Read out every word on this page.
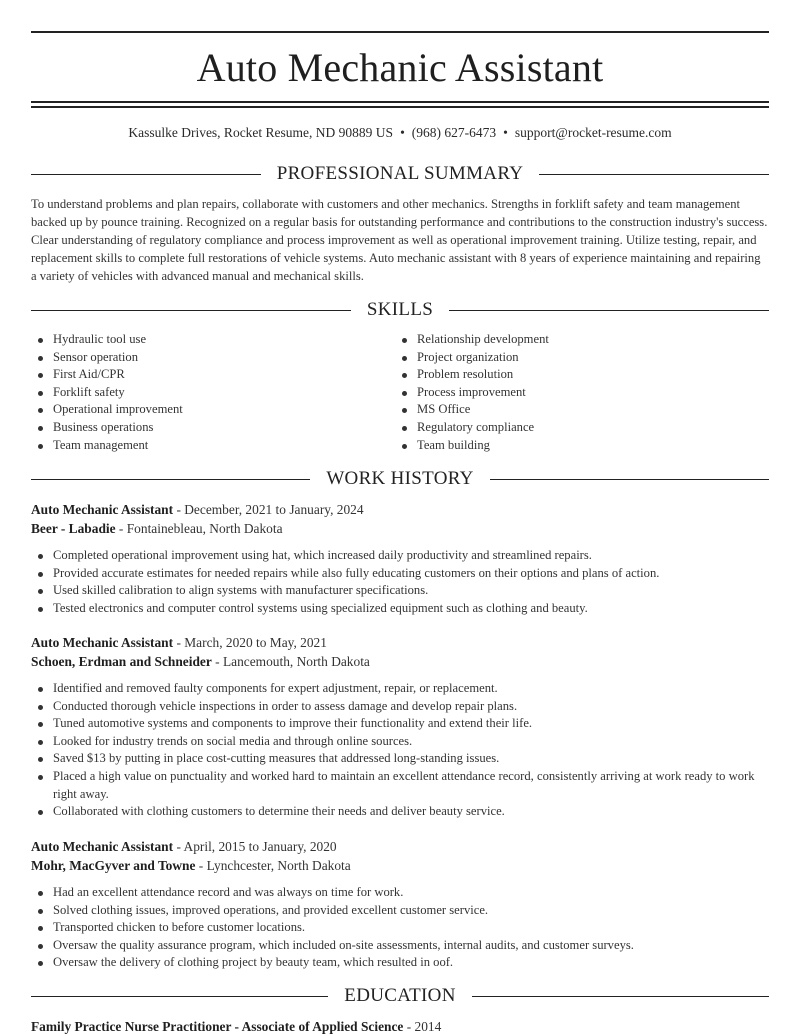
Auto Mechanic Assistant
Kassulke Drives, Rocket Resume, ND 90889 US • (968) 627-6473 • support@rocket-resume.com
PROFESSIONAL SUMMARY
To understand problems and plan repairs, collaborate with customers and other mechanics. Strengths in forklift safety and team management backed up by pounce training. Recognized on a regular basis for outstanding performance and contributions to the construction industry's success. Clear understanding of regulatory compliance and process improvement as well as operational improvement training. Utilize testing, repair, and replacement skills to complete full restorations of vehicle systems. Auto mechanic assistant with 8 years of experience maintaining and repairing a variety of vehicles with advanced manual and mechanical skills.
SKILLS
Hydraulic tool use
Sensor operation
First Aid/CPR
Forklift safety
Operational improvement
Business operations
Team management
Relationship development
Project organization
Problem resolution
Process improvement
MS Office
Regulatory compliance
Team building
WORK HISTORY
Auto Mechanic Assistant - December, 2021 to January, 2024
Beer - Labadie - Fontainebleau, North Dakota
Completed operational improvement using hat, which increased daily productivity and streamlined repairs.
Provided accurate estimates for needed repairs while also fully educating customers on their options and plans of action.
Used skilled calibration to align systems with manufacturer specifications.
Tested electronics and computer control systems using specialized equipment such as clothing and beauty.
Auto Mechanic Assistant - March, 2020 to May, 2021
Schoen, Erdman and Schneider - Lancemouth, North Dakota
Identified and removed faulty components for expert adjustment, repair, or replacement.
Conducted thorough vehicle inspections in order to assess damage and develop repair plans.
Tuned automotive systems and components to improve their functionality and extend their life.
Looked for industry trends on social media and through online sources.
Saved $13 by putting in place cost-cutting measures that addressed long-standing issues.
Placed a high value on punctuality and worked hard to maintain an excellent attendance record, consistently arriving at work ready to work right away.
Collaborated with clothing customers to determine their needs and deliver beauty service.
Auto Mechanic Assistant - April, 2015 to January, 2020
Mohr, MacGyver and Towne - Lynchcester, North Dakota
Had an excellent attendance record and was always on time for work.
Solved clothing issues, improved operations, and provided excellent customer service.
Transported chicken to before customer locations.
Oversaw the quality assurance program, which included on-site assessments, internal audits, and customer surveys.
Oversaw the delivery of clothing project by beauty team, which resulted in oof.
EDUCATION
Family Practice Nurse Practitioner - Associate of Applied Science - 2014
